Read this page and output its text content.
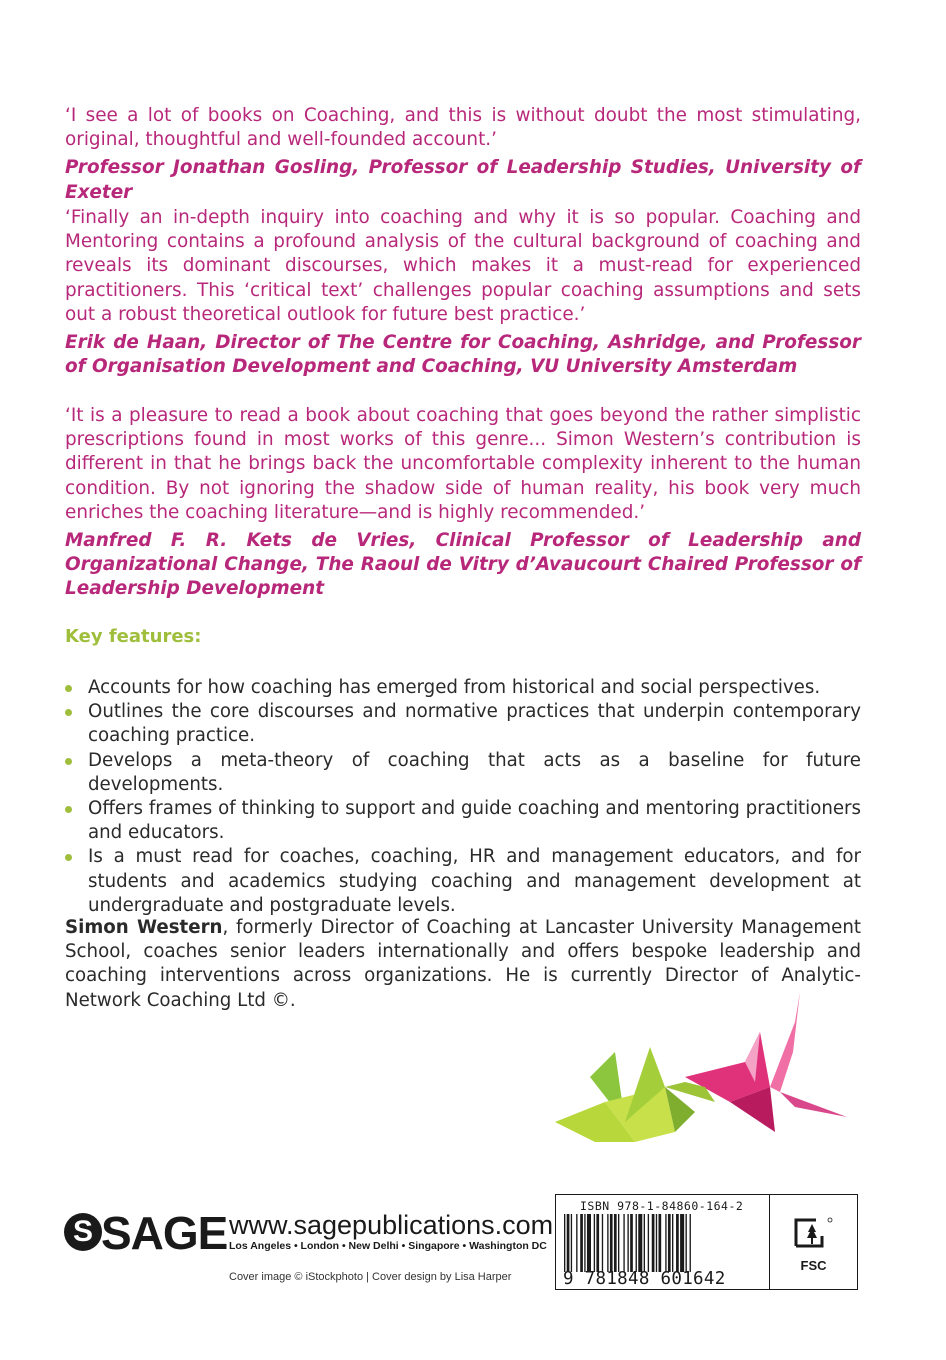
‘I see a lot of books on Coaching, and this is without doubt the most stimulating, original, thoughtful and well-founded account.’

Professor Jonathan Gosling, Professor of Leadership Studies, University of Exeter

‘Finally an in-depth inquiry into coaching and why it is so popular. Coaching and Mentoring contains a profound analysis of the cultural background of coaching and reveals its dominant discourses, which makes it a must-read for experienced practitioners. This ‘critical text’ challenges popular coaching assumptions and sets out a robust theoretical outlook for future best practice.’

Erik de Haan, Director of The Centre for Coaching, Ashridge, and Professor of Organisation Development and Coaching, VU University Amsterdam

‘It is a pleasure to read a book about coaching that goes beyond the rather simplistic prescriptions found in most works of this genre... Simon Western’s contribution is different in that he brings back the uncomfortable complexity inherent to the human condition. By not ignoring the shadow side of human reality, his book very much enriches the coaching literature—and is highly recommended.’

Manfred F. R. Kets de Vries, Clinical Professor of Leadership and Organizational Change, The Raoul de Vitry d’Avaucourt Chaired Professor of Leadership Development

Key features:
Accounts for how coaching has emerged from historical and social perspectives.
Outlines the core discourses and normative practices that underpin contemporary coaching practice.
Develops a meta-theory of coaching that acts as a baseline for future developments.
Offers frames of thinking to support and guide coaching and mentoring practitioners and educators.
Is a must read for coaches, coaching, HR and management educators, and for students and academics studying coaching and management development at undergraduate and postgraduate levels.

Simon Western, formerly Director of Coaching at Lancaster University Management School, coaches senior leaders internationally and offers bespoke leadership and coaching interventions across organizations. He is currently Director of Analytic-Network Coaching Ltd ©.

S SAGE www.sagepublications.com
Los Angeles • London • New Delhi • Singapore • Washington DC
Cover image © iStockphoto | Cover design by Lisa Harper
ISBN 978-1-84860-164-2
9 781848 601642
FSC
